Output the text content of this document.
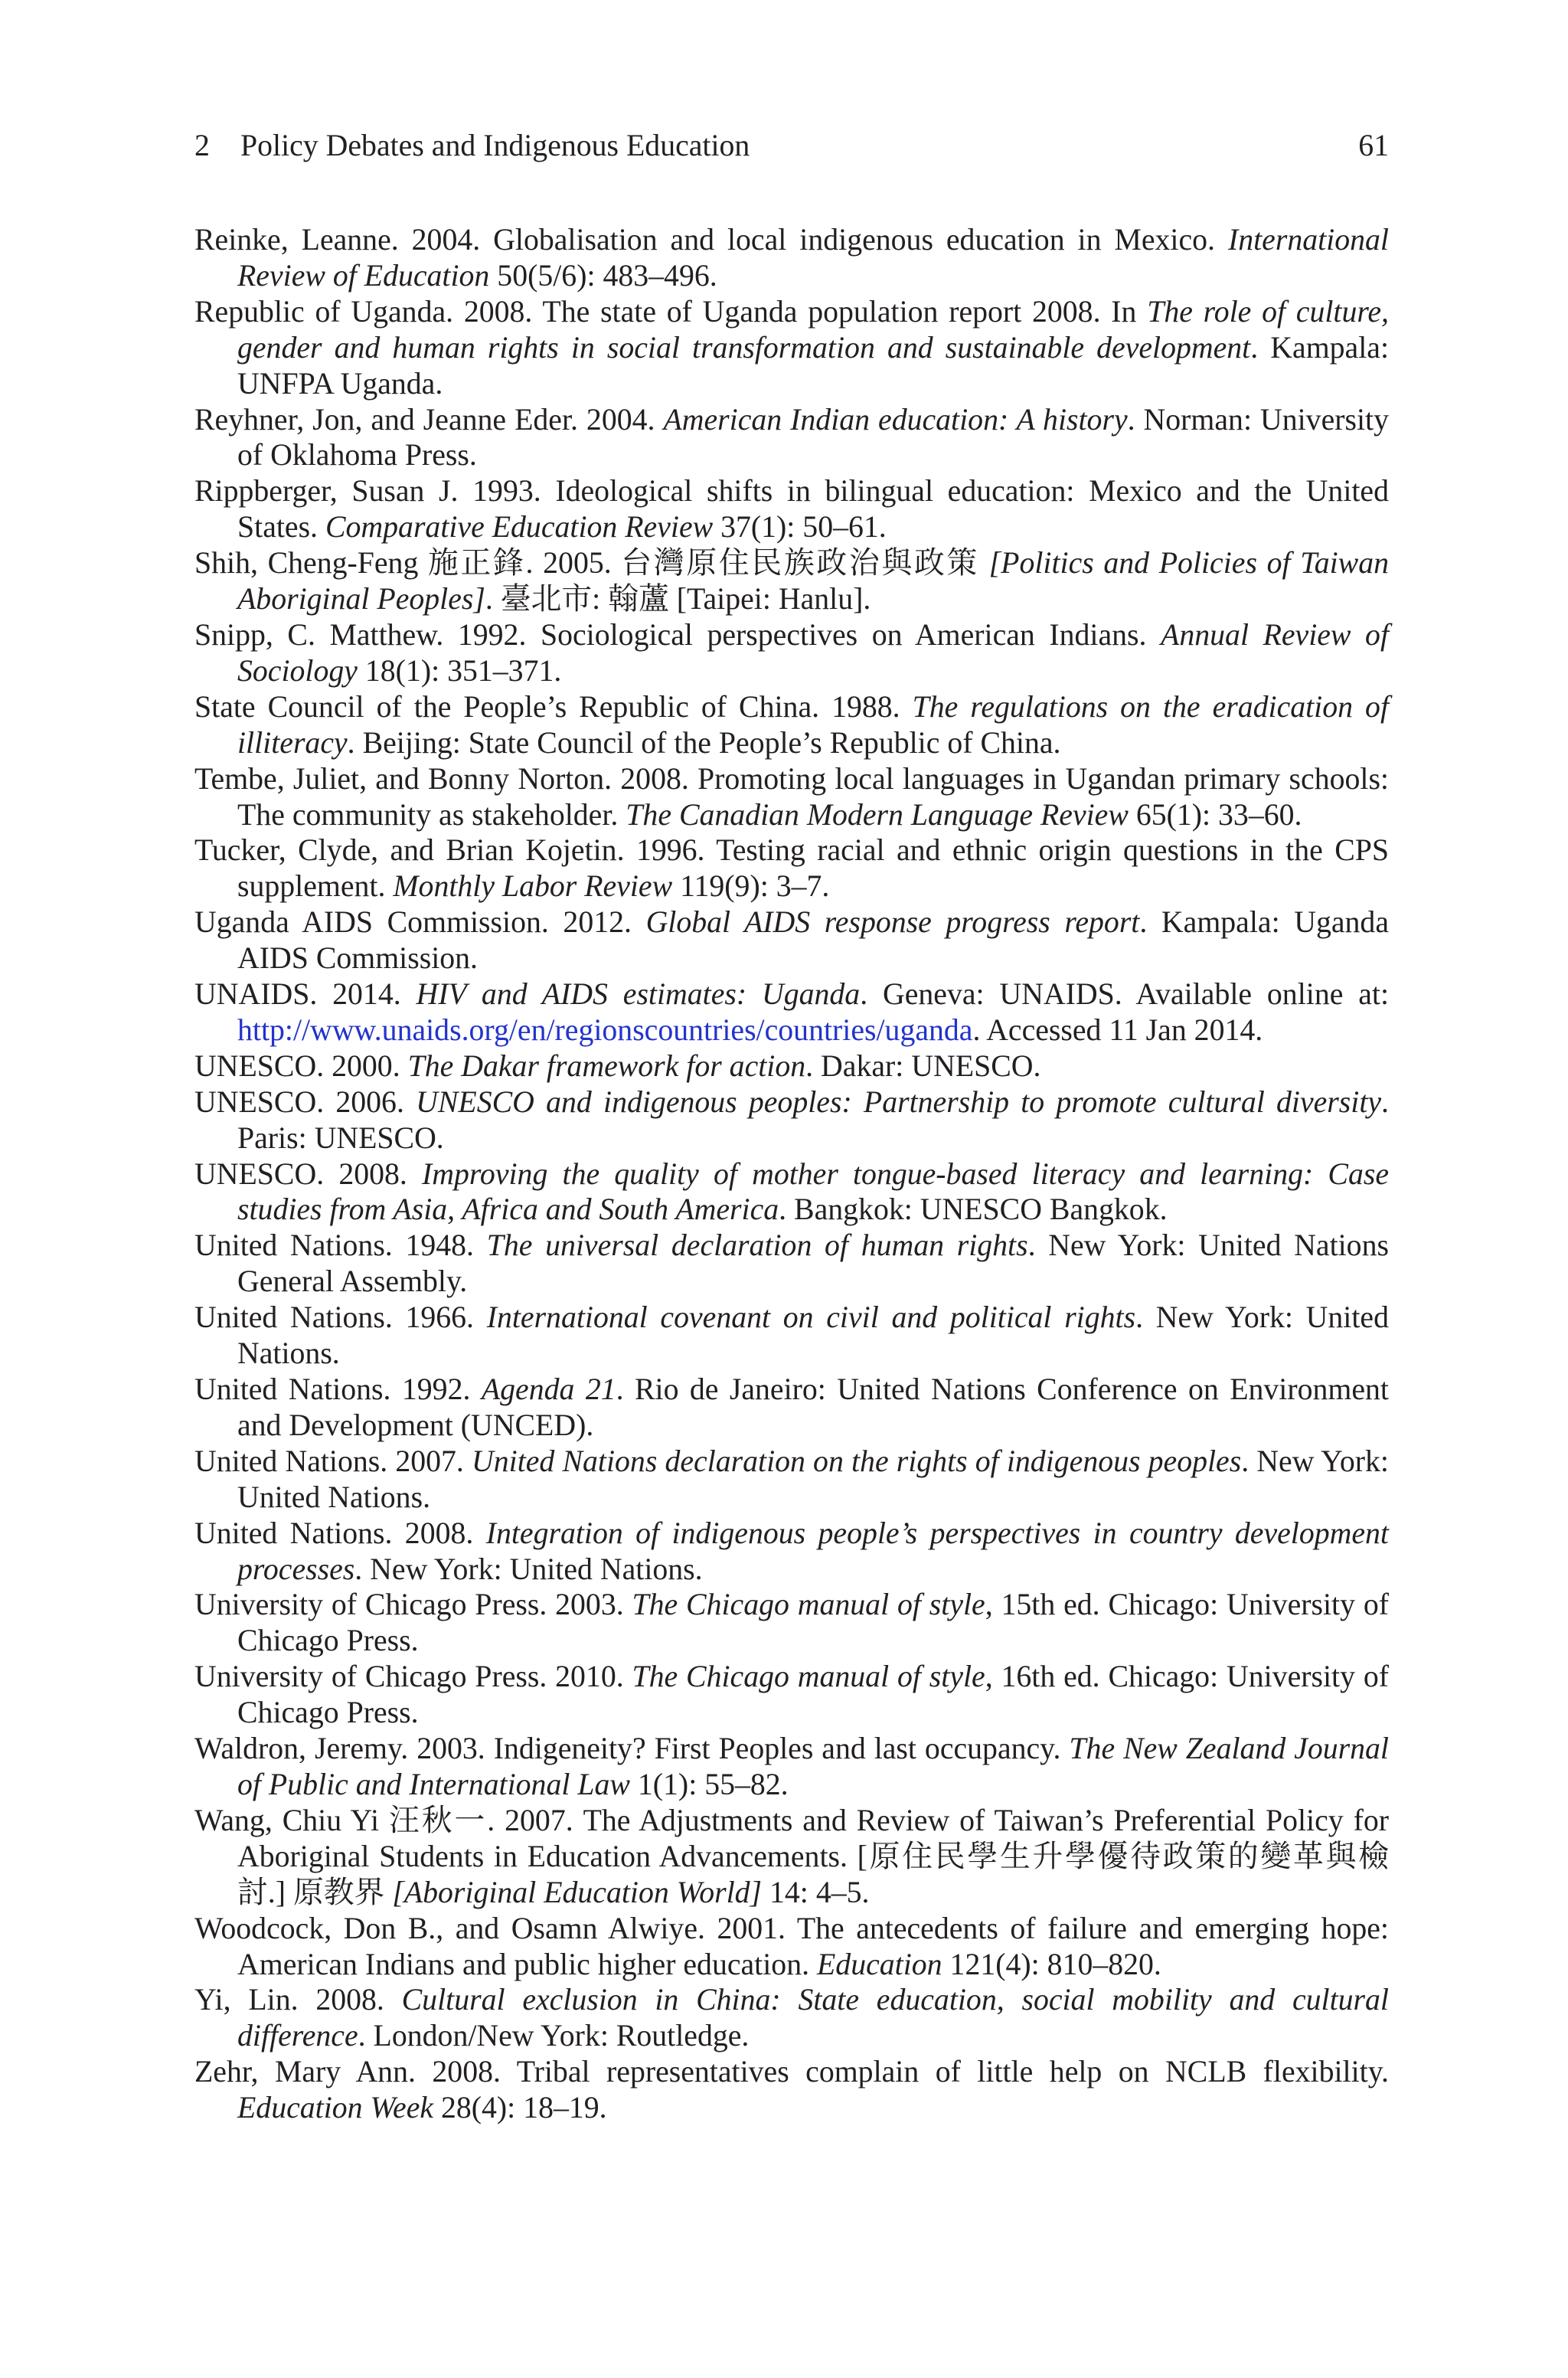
2 Policy Debates and Indigenous Education	61
Reinke, Leanne. 2004. Globalisation and local indigenous education in Mexico. International Review of Education 50(5/6): 483–496.
Republic of Uganda. 2008. The state of Uganda population report 2008. In The role of culture, gender and human rights in social transformation and sustainable development. Kampala: UNFPA Uganda.
Reyhner, Jon, and Jeanne Eder. 2004. American Indian education: A history. Norman: University of Oklahoma Press.
Rippberger, Susan J. 1993. Ideological shifts in bilingual education: Mexico and the United States. Comparative Education Review 37(1): 50–61.
Shih, Cheng-Feng 施正鋒. 2005. 台灣原住民族政治與政策 [Politics and Policies of Taiwan Aboriginal Peoples]. 臺北市: 翰蘆 [Taipei: Hanlu].
Snipp, C. Matthew. 1992. Sociological perspectives on American Indians. Annual Review of Sociology 18(1): 351–371.
State Council of the People’s Republic of China. 1988. The regulations on the eradication of illiteracy. Beijing: State Council of the People’s Republic of China.
Tembe, Juliet, and Bonny Norton. 2008. Promoting local languages in Ugandan primary schools: The community as stakeholder. The Canadian Modern Language Review 65(1): 33–60.
Tucker, Clyde, and Brian Kojetin. 1996. Testing racial and ethnic origin questions in the CPS supplement. Monthly Labor Review 119(9): 3–7.
Uganda AIDS Commission. 2012. Global AIDS response progress report. Kampala: Uganda AIDS Commission.
UNAIDS. 2014. HIV and AIDS estimates: Uganda. Geneva: UNAIDS. Available online at: http://www.unaids.org/en/regionscountries/countries/uganda. Accessed 11 Jan 2014.
UNESCO. 2000. The Dakar framework for action. Dakar: UNESCO.
UNESCO. 2006. UNESCO and indigenous peoples: Partnership to promote cultural diversity. Paris: UNESCO.
UNESCO. 2008. Improving the quality of mother tongue-based literacy and learning: Case studies from Asia, Africa and South America. Bangkok: UNESCO Bangkok.
United Nations. 1948. The universal declaration of human rights. New York: United Nations General Assembly.
United Nations. 1966. International covenant on civil and political rights. New York: United Nations.
United Nations. 1992. Agenda 21. Rio de Janeiro: United Nations Conference on Environment and Development (UNCED).
United Nations. 2007. United Nations declaration on the rights of indigenous peoples. New York: United Nations.
United Nations. 2008. Integration of indigenous people’s perspectives in country development processes. New York: United Nations.
University of Chicago Press. 2003. The Chicago manual of style, 15th ed. Chicago: University of Chicago Press.
University of Chicago Press. 2010. The Chicago manual of style, 16th ed. Chicago: University of Chicago Press.
Waldron, Jeremy. 2003. Indigeneity? First Peoples and last occupancy. The New Zealand Journal of Public and International Law 1(1): 55–82.
Wang, Chiu Yi 汪秋一. 2007. The Adjustments and Review of Taiwan’s Preferential Policy for Aboriginal Students in Education Advancements. [原住民學生升學優待政策的變革與檢討.] 原教界 [Aboriginal Education World] 14: 4–5.
Woodcock, Don B., and Osamn Alwiye. 2001. The antecedents of failure and emerging hope: American Indians and public higher education. Education 121(4): 810–820.
Yi, Lin. 2008. Cultural exclusion in China: State education, social mobility and cultural difference. London/New York: Routledge.
Zehr, Mary Ann. 2008. Tribal representatives complain of little help on NCLB flexibility. Education Week 28(4): 18–19.
